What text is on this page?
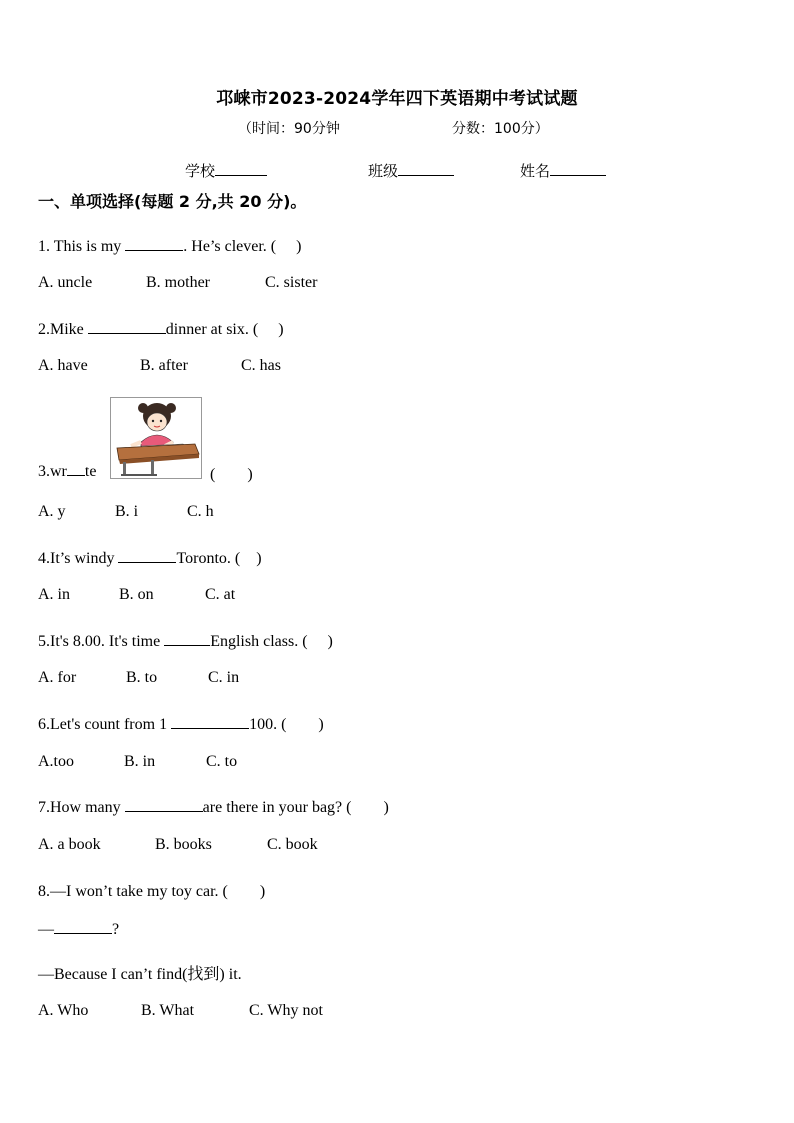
邛崃市2023-2024学年四下英语期中考试试题
（时间：90分钟	分数：100分）
学校	班级	姓名
一、单项选择(每题 2 分,共 20 分)。
1. This is my	. He’s clever. (　 )
A. uncle	B. mother	C. sister
2.Mike	dinner at six. (　 )
A. have	B. after	C. has
3.wr te	(　　)
A. y	B. i	C. h
4.It’s windy	Toronto. (　)
A. in	B. on	C. at
5.It's 8.00. It's time	English class. (　 )
A. for	B. to	C. in
6.Let's count from 1	100. (　　)
A.too	B. in	C. to
7.How many	are there in your bag? (　　)
A. a book	B. books	C. book
8.—I won’t take my toy car. (　　)
—	?
—Because I can’t find(找到) it.
A. Who	B. What	C. Why not
